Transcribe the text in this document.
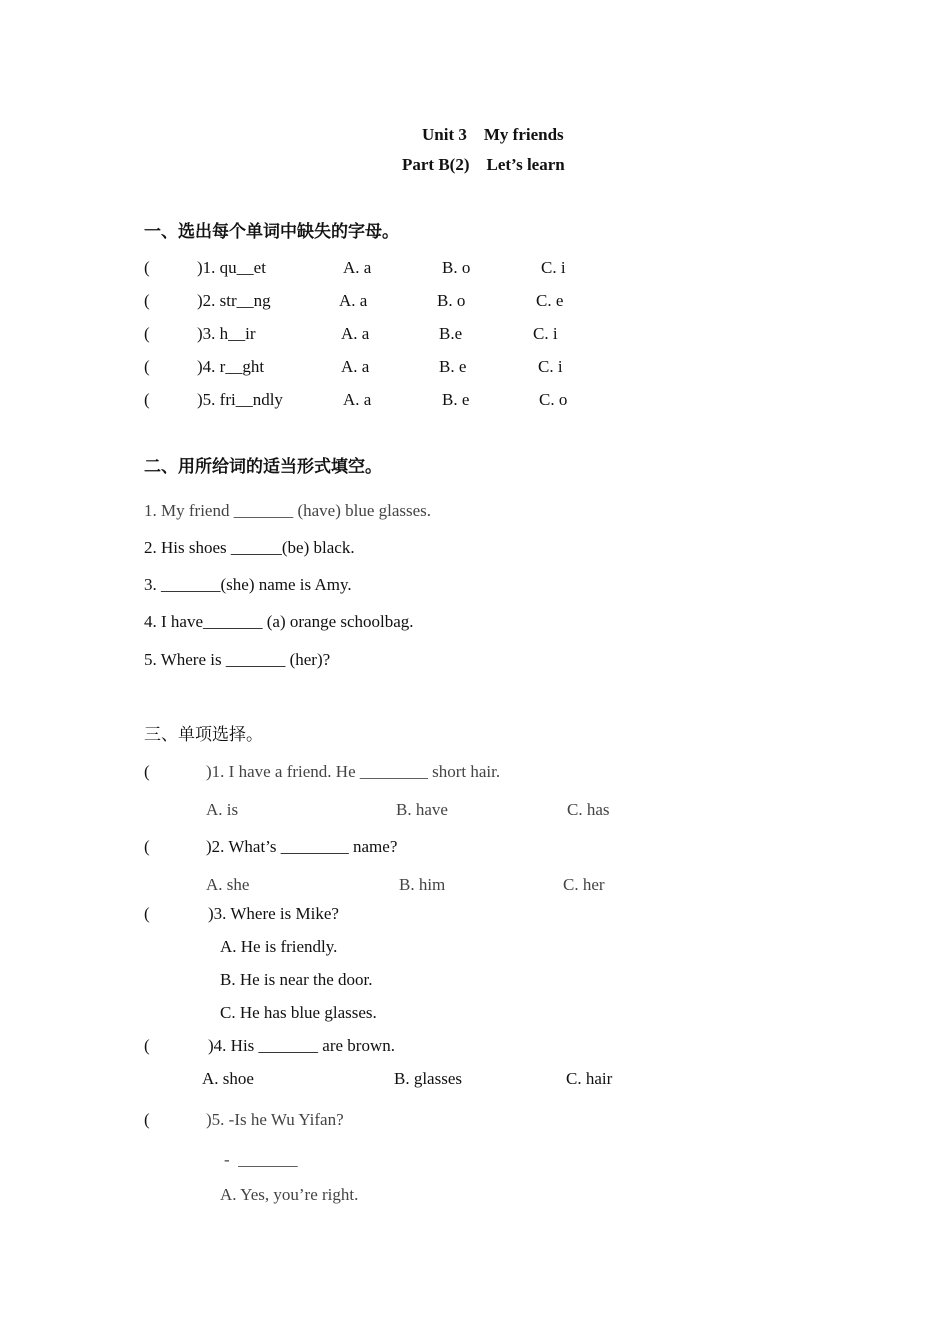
Unit 3    My friends
Part B(2)    Let’s learn
一、选出每个单词中缺失的字母。
(	)1. qu__et	A. a	B. o	C. i
(	)2. str__ng	A. a	B. o	C. e
(	)3. h__ir	A. a	B.e	C. i
(	)4. r__ght	A. a	B. e	C. i
(	)5. fri__ndly	A. a	B. e	C. o
二、用所给词的适当形式填空。
1. My friend _______ (have) blue glasses.
2. His shoes ______(be) black.
3. _______(she) name is Amy.
4. I have_______ (a) orange schoolbag.
5. Where is _______ (her)?
三、单项选择。
(	)1. I have a friend. He ________ short hair.
A. is	B. have	C. has
(	)2. What’s ________ name?
A. she	B. him	C. her
(	)3. Where is Mike?
A. He is friendly.
B. He is near the door.
C. He has blue glasses.
(	)4. His _______ are brown.
A. shoe	B. glasses	C. hair
(	)5. -Is he Wu Yifan?
-  _______
A. Yes, you’re right.
